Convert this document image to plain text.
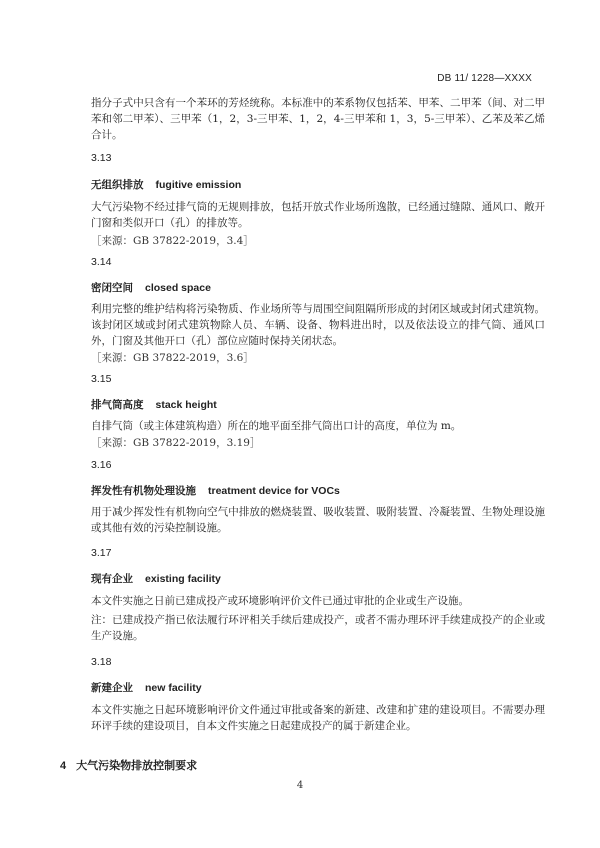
DB 11/ 1228—XXXX
指分子式中只含有一个苯环的芳烃统称。本标准中的苯系物仅包括苯、甲苯、二甲苯（间、对二甲苯和邻二甲苯）、三甲苯（1，2，3-三甲苯、1，2，4-三甲苯和 1，3，5-三甲苯）、乙苯及苯乙烯合计。
3.13
无组织排放 fugitive emission
大气污染物不经过排气筒的无规则排放，包括开放式作业场所逸散，已经通过缝隙、通风口、敞开门窗和类似开口（孔）的排放等。
［来源：GB 37822-2019，3.4］
3.14
密闭空间 closed space
利用完整的维护结构将污染物质、作业场所等与周围空间阻隔所形成的封闭区域或封闭式建筑物。该封闭区域或封闭式建筑物除人员、车辆、设备、物料进出时，以及依法设立的排气筒、通风口外，门窗及其他开口（孔）部位应随时保持关闭状态。
［来源：GB 37822-2019，3.6］
3.15
排气筒高度 stack height
自排气筒（或主体建筑构造）所在的地平面至排气筒出口计的高度，单位为 m。
［来源：GB 37822-2019，3.19］
3.16
挥发性有机物处理设施 treatment device for VOCs
用于减少挥发性有机物向空气中排放的燃烧装置、吸收装置、吸附装置、冷凝装置、生物处理设施或其他有效的污染控制设施。
3.17
现有企业 existing facility
本文件实施之日前已建成投产或环境影响评价文件已通过审批的企业或生产设施。
注：已建成投产指已依法履行环评相关手续后建成投产，或者不需办理环评手续建成投产的企业或生产设施。
3.18
新建企业 new facility
本文件实施之日起环境影响评价文件通过审批或备案的新建、改建和扩建的建设项目。不需要办理环评手续的建设项目，自本文件实施之日起建成投产的属于新建企业。
4 大气污染物排放控制要求
4
